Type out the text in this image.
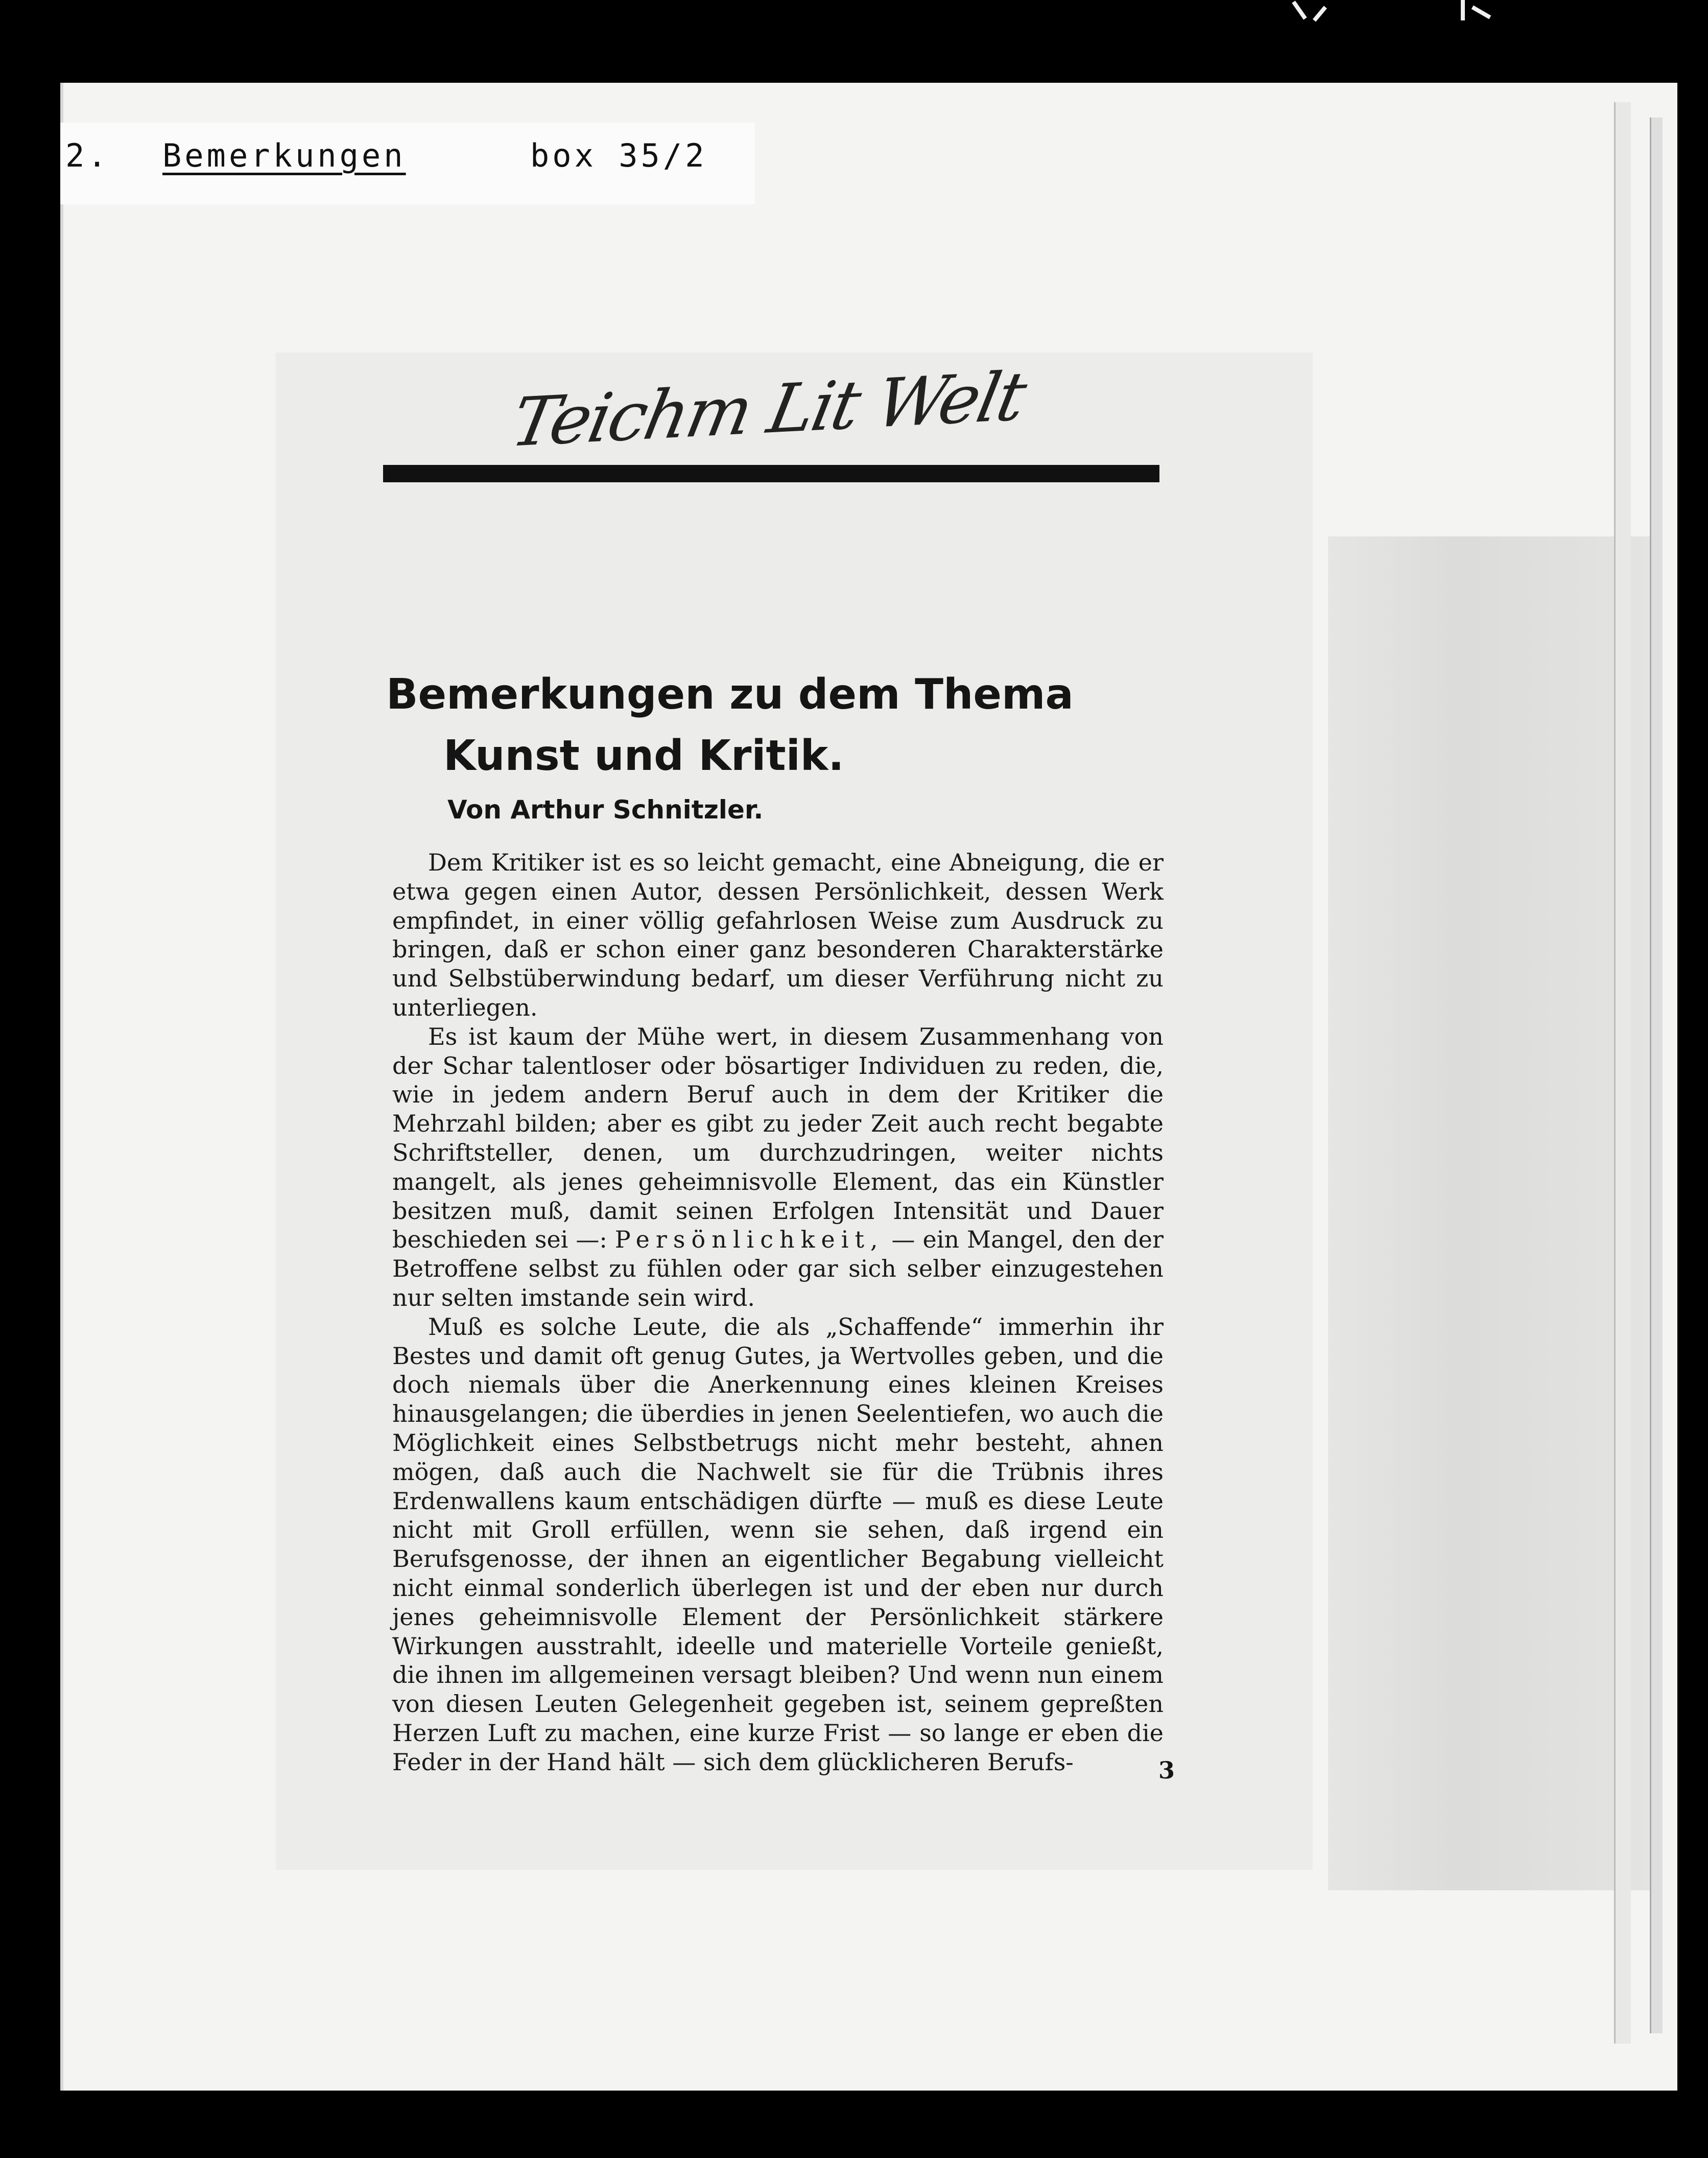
2. Bemerkungen	box 35/2
Teichm Lit Welt
Bemerkungen zu dem Thema
Kunst und Kritik.
Von Arthur Schnitzler.

Dem Kritiker ist es so leicht gemacht, eine Abneigung, die er etwa gegen einen Autor, dessen Persönlichkeit, dessen Werk empfindet, in einer völlig gefahrlosen Weise zum Ausdruck zu bringen, daß er schon einer ganz besonderen Charakterstärke und Selbstüberwindung bedarf, um dieser Verführung nicht zu unterliegen.

Es ist kaum der Mühe wert, in diesem Zusammenhang von der Schar talentloser oder bösartiger Individuen zu reden, die, wie in jedem andern Beruf auch in dem der Kritiker die Mehrzahl bilden; aber es gibt zu jeder Zeit auch recht begabte Schriftsteller, denen, um durchzudringen, weiter nichts mangelt, als jenes geheimnisvolle Element, das ein Künstler besitzen muß, damit seinen Erfolgen Intensität und Dauer beschieden sei —: Persönlichkeit, — ein Mangel, den der Betroffene selbst zu fühlen oder gar sich selber einzugestehen nur selten imstande sein wird.

Muß es solche Leute, die als „Schaffende“ immerhin ihr Bestes und damit oft genug Gutes, ja Wertvolles geben, und die doch niemals über die Anerkennung eines kleinen Kreises hinausgelangen; die überdies in jenen Seelentiefen, wo auch die Möglichkeit eines Selbstbetrugs nicht mehr besteht, ahnen mögen, daß auch die Nachwelt sie für die Trübnis ihres Erdenwallens kaum entschädigen dürfte — muß es diese Leute nicht mit Groll erfüllen, wenn sie sehen, daß irgend ein Berufsgenosse, der ihnen an eigentlicher Begabung vielleicht nicht einmal sonderlich überlegen ist und der eben nur durch jenes geheimnisvolle Element der Persönlichkeit stärkere Wirkungen ausstrahlt, ideelle und materielle Vorteile genießt, die ihnen im allgemeinen versagt bleiben? Und wenn nun einem von diesen Leuten Gelegenheit gegeben ist, seinem gepreßten Herzen Luft zu machen, eine kurze Frist — so lange er eben die Feder in der Hand hält — sich dem glücklicheren Berufs-	3
